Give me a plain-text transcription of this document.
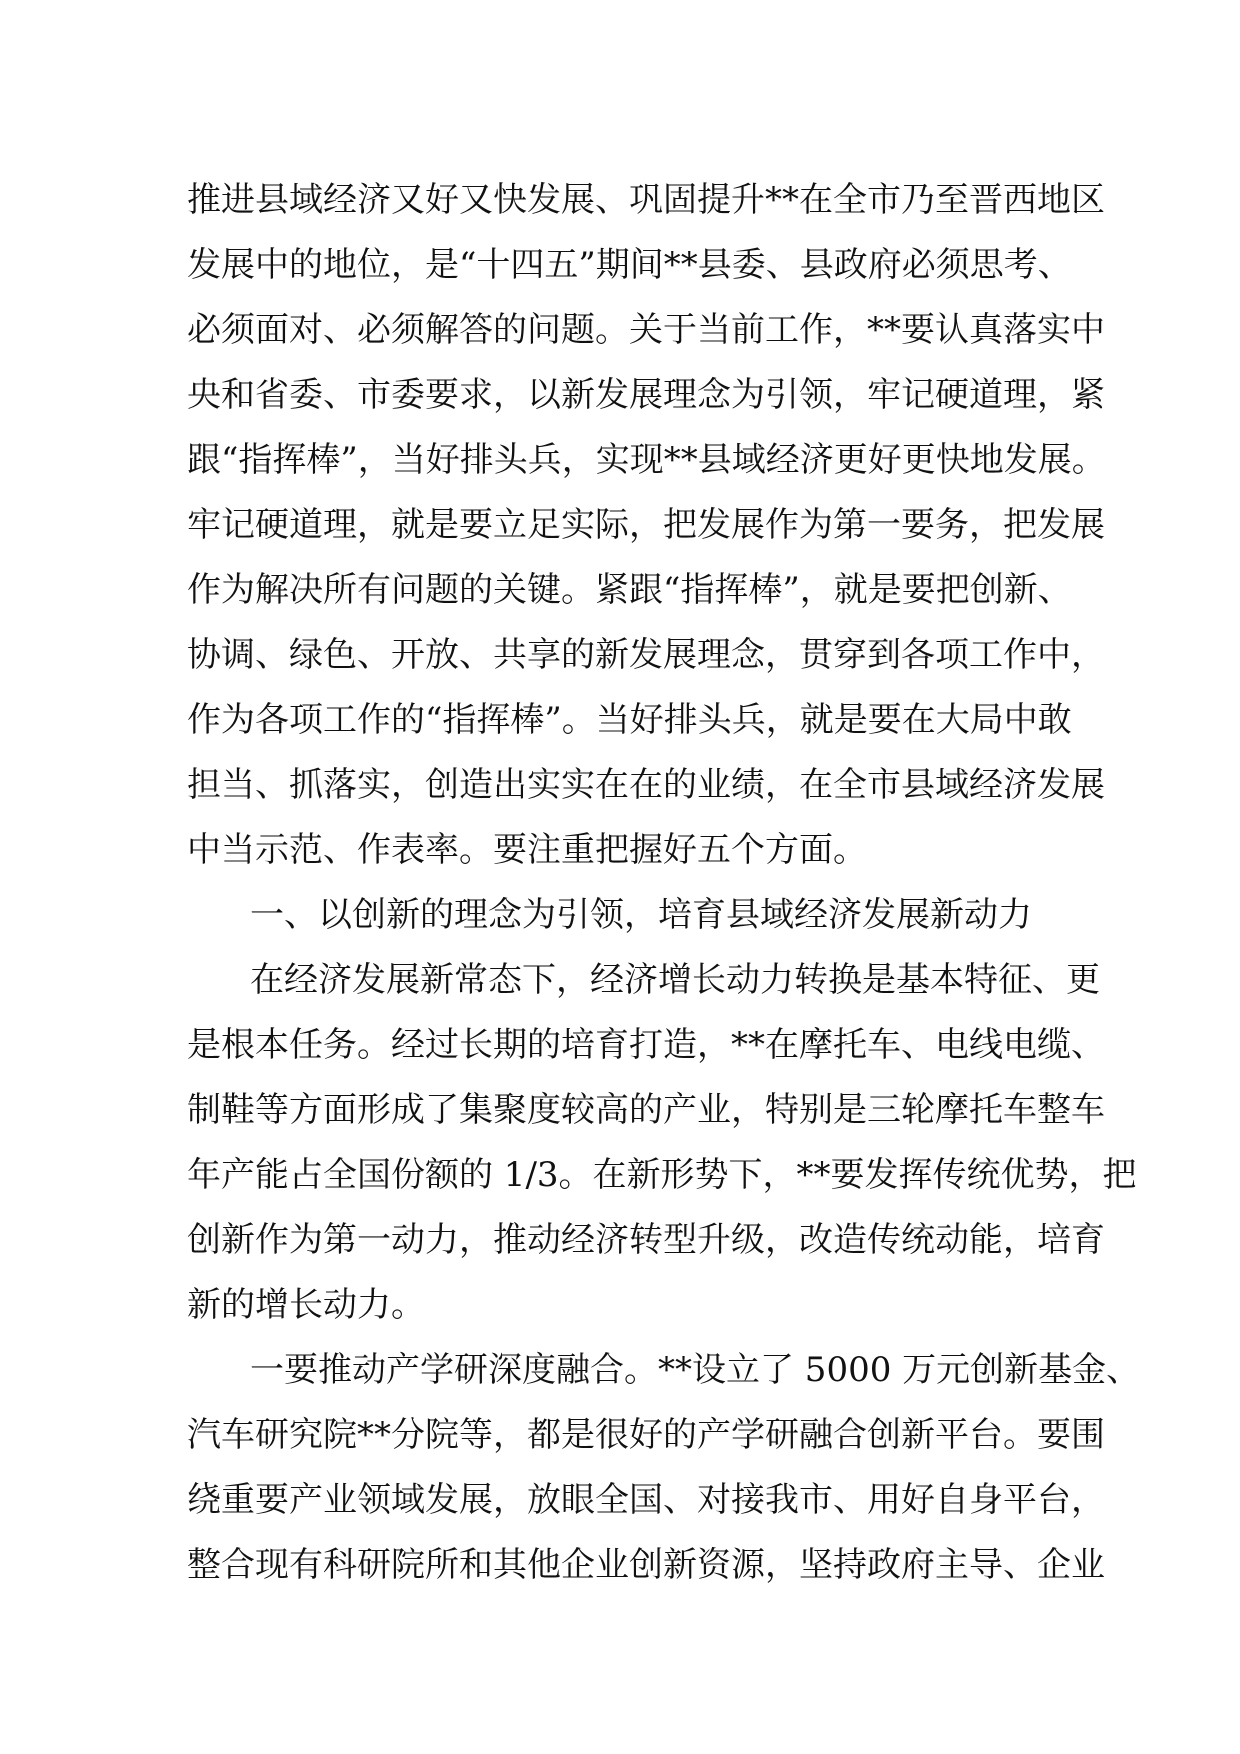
推进县域经济又好又快发展、巩固提升**在全市乃至晋西地区
发展中的地位，是“十四五”期间**县委、县政府必须思考、
必须面对、必须解答的问题。关于当前工作，**要认真落实中
央和省委、市委要求，以新发展理念为引领，牢记硬道理，紧
跟“指挥棒”，当好排头兵，实现**县域经济更好更快地发展。
牢记硬道理，就是要立足实际，把发展作为第一要务，把发展
作为解决所有问题的关键。紧跟“指挥棒”，就是要把创新、
协调、绿色、开放、共享的新发展理念，贯穿到各项工作中，
作为各项工作的“指挥棒”。当好排头兵，就是要在大局中敢
担当、抓落实，创造出实实在在的业绩，在全市县域经济发展
中当示范、作表率。要注重把握好五个方面。
一、以创新的理念为引领，培育县域经济发展新动力
在经济发展新常态下，经济增长动力转换是基本特征、更
是根本任务。经过长期的培育打造，**在摩托车、电线电缆、
制鞋等方面形成了集聚度较高的产业，特别是三轮摩托车整车
年产能占全国份额的 1/3。在新形势下，**要发挥传统优势，把
创新作为第一动力，推动经济转型升级，改造传统动能，培育
新的增长动力。
一要推动产学研深度融合。**设立了 5000 万元创新基金、
汽车研究院**分院等，都是很好的产学研融合创新平台。要围
绕重要产业领域发展，放眼全国、对接我市、用好自身平台，
整合现有科研院所和其他企业创新资源，坚持政府主导、企业
